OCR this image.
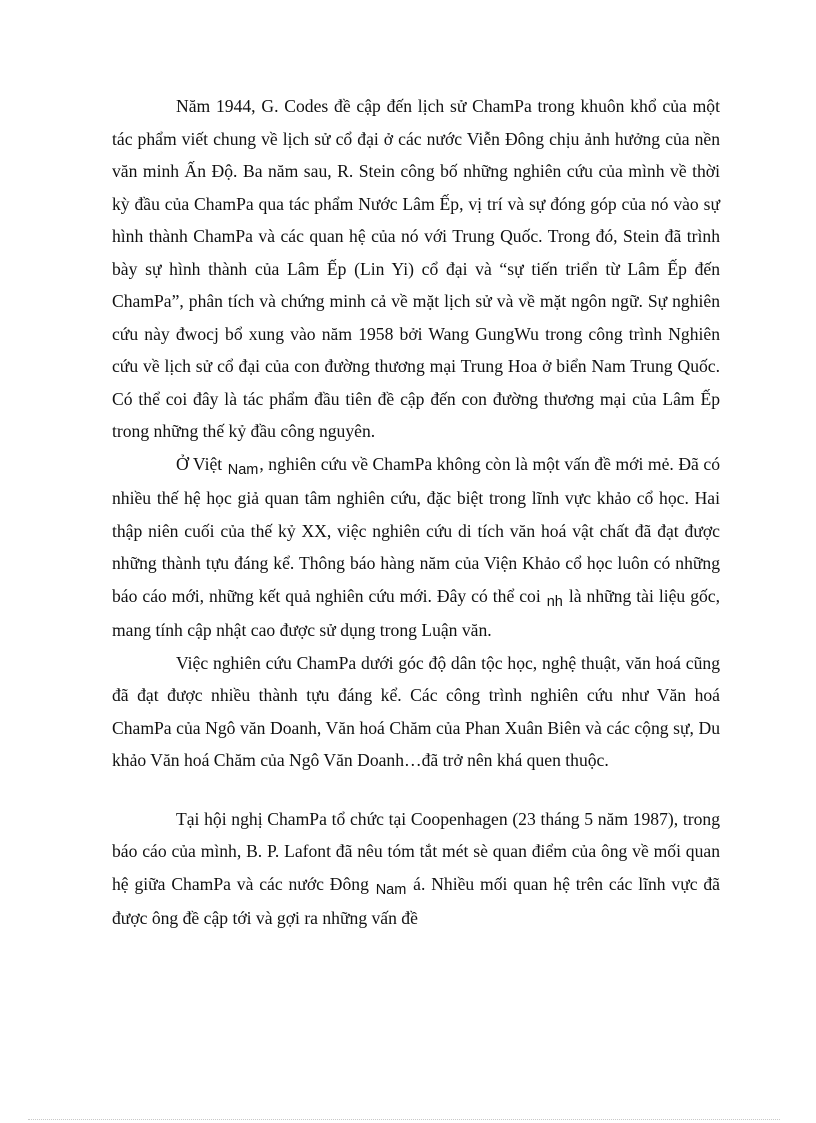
Năm 1944, G. Codes đề cập đến lịch sử ChamPa trong khuôn khổ của một tác phẩm viết chung về lịch sử cổ đại ở các nước Viễn Đông chịu ảnh hưởng của nền văn minh Ấn Độ. Ba năm sau, R. Stein công bố những nghiên cứu của mình về thời kỳ đầu của ChamPa qua tác phẩm Nước Lâm Ếp, vị trí và sự đóng góp của nó vào sự hình thành ChamPa và các quan hệ của nó với Trung Quốc. Trong đó, Stein đã trình bày sự hình thành của Lâm Ếp (Lin Yi) cổ đại và “sự tiến triển từ Lâm Ếp đến ChamPa”, phân tích và chứng minh cả về mặt lịch sử và về mặt ngôn ngữ. Sự nghiên cứu này đwocj bổ xung vào năm 1958 bởi Wang GungWu trong công trình Nghiên cứu về lịch sử cổ đại của con đường thương mại Trung Hoa ở biển Nam Trung Quốc. Có thể coi đây là tác phẩm đầu tiên đề cập đến con đường thương mại của Lâm Ếp trong những thế kỷ đầu công nguyên.

Ở Việt $_{Nam}$, nghiên cứu về ChamPa không còn là một vấn đề mới mẻ. Đã có nhiều thế hệ học giả quan tâm nghiên cứu, đặc biệt trong lĩnh vực khảo cổ học. Hai thập niên cuối của thế kỷ XX, việc nghiên cứu di tích văn hoá vật chất đã đạt được những thành tựu đáng kể. Thông báo hàng năm của Viện Khảo cổ học luôn có những báo cáo mới, những kết quả nghiên cứu mới. Đây có thể coi $_{nh}$ là những tài liệu gốc, mang tính cập nhật cao được sử dụng trong Luận văn.

Việc nghiên cứu ChamPa dưới góc độ dân tộc học, nghệ thuật, văn hoá cũng đã đạt được nhiều thành tựu đáng kể. Các công trình nghiên cứu như Văn hoá ChamPa của Ngô văn Doanh, Văn hoá Chăm của Phan Xuân Biên và các cộng sự, Du khảo Văn hoá Chăm của Ngô Văn Doanh…đã trở nên khá quen thuộc.

Tại hội nghị ChamPa tổ chức tại Coopenhagen (23 tháng 5 năm 1987), trong báo cáo của mình, B. P. Lafont đã nêu tóm tắt mét sè quan điểm của ông về mối quan hệ giữa ChamPa và các nước Đông $_{Nam}$ á. Nhiều mối quan hệ trên các lĩnh vực đã được ông đề cập tới và gợi ra những vấn đề
